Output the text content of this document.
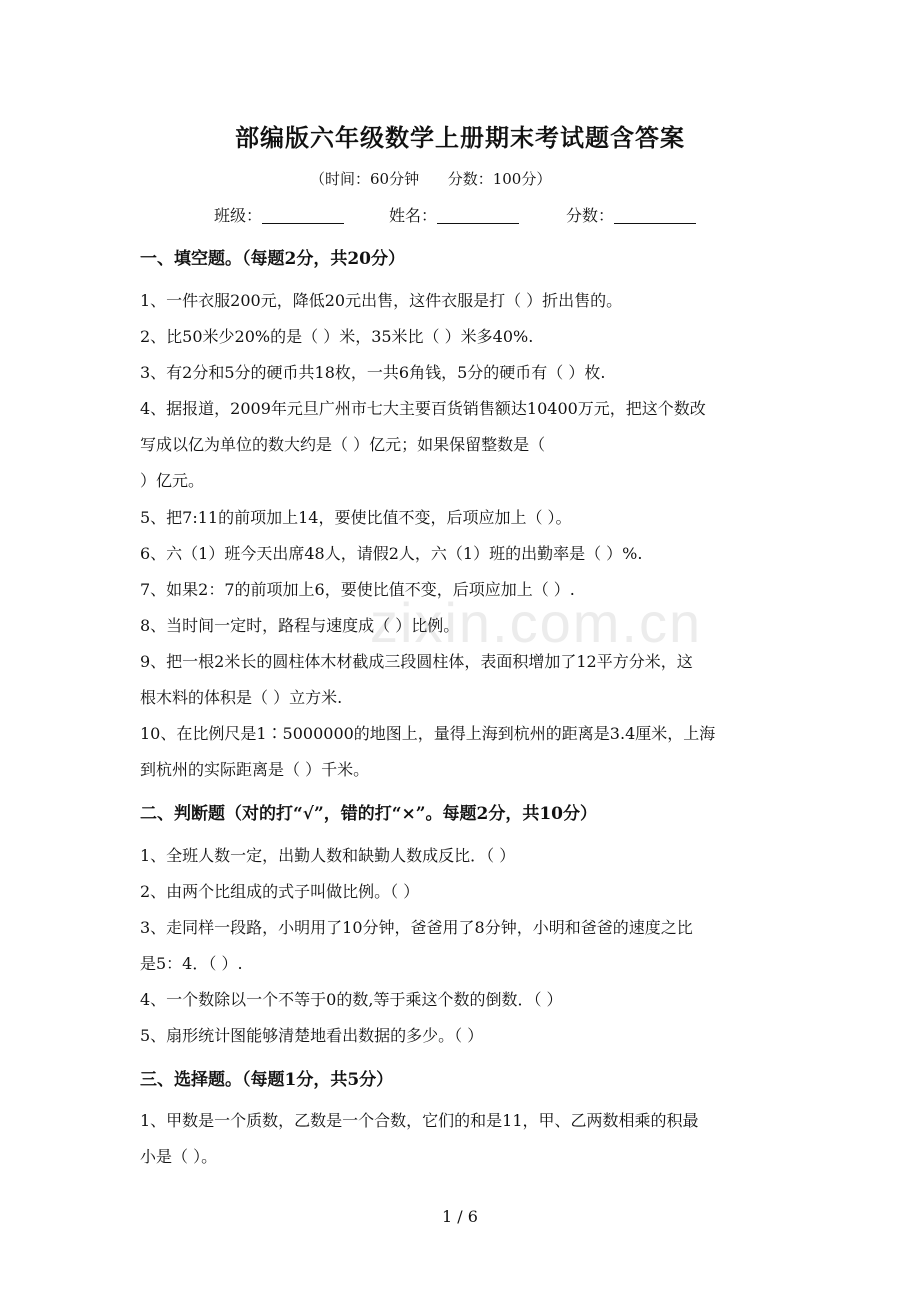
zixin.com.cn
部编版六年级数学上册期末考试题含答案
（时间：60分钟      分数：100分）
班级：	姓名：	分数：
一、填空题。（每题2分，共20分）
1、一件衣服200元，降低20元出售，这件衣服是打（ ）折出售的。
2、比50米少20%的是（ ）米，35米比（ ）米多40%.
3、有2分和5分的硬币共18枚，一共6角钱，5分的硬币有（ ）枚.
4、据报道，2009年元旦广州市七大主要百货销售额达10400万元，把这个数改
写成以亿为单位的数大约是（ ）亿元；如果保留整数是（
）亿元。
5、把7:11的前项加上14，要使比值不变，后项应加上（ ）。
6、六（1）班今天出席48人，请假2人，六（1）班的出勤率是（ ）%.
7、如果2：7的前项加上6，要使比值不变，后项应加上（ ）.
8、当时间一定时，路程与速度成（ ）比例。
9、把一根2米长的圆柱体木材截成三段圆柱体，表面积增加了12平方分米，这
根木料的体积是（ ）立方米.
10、在比例尺是1∶5000000的地图上，量得上海到杭州的距离是3.4厘米，上海
到杭州的实际距离是（ ）千米。
二、判断题（对的打“√”，错的打“×”。每题2分，共10分）
1、全班人数一定，出勤人数和缺勤人数成反比．（ ）
2、由两个比组成的式子叫做比例。（ ）
3、走同样一段路，小明用了10分钟，爸爸用了8分钟，小明和爸爸的速度之比
是5：4．（ ）.
4、一个数除以一个不等于0的数,等于乘这个数的倒数．（ ）
5、扇形统计图能够清楚地看出数据的多少。（ ）
三、选择题。（每题1分，共5分）
1、甲数是一个质数，乙数是一个合数，它们的和是11，甲、乙两数相乘的积最
小是（ ）。
1 / 6
